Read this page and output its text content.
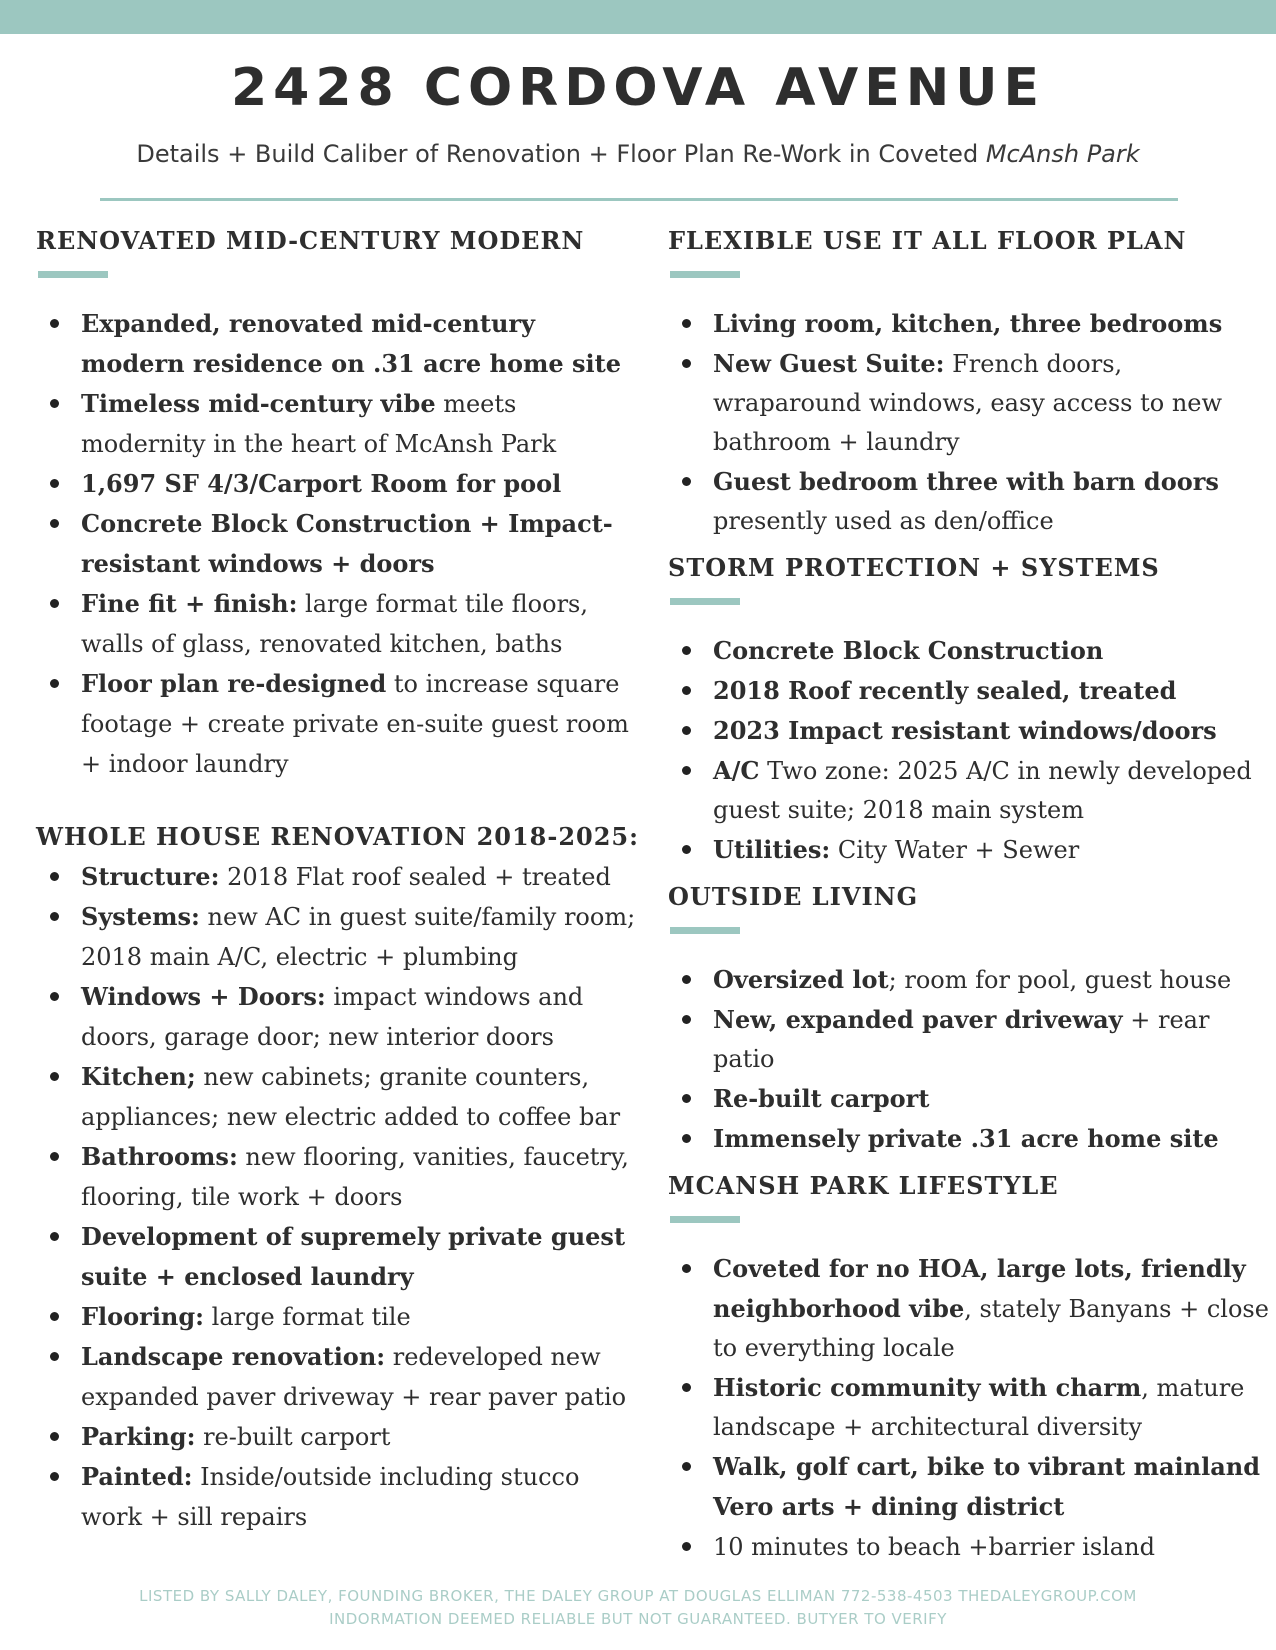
2428 CORDOVA AVENUE
Details + Build Caliber of Renovation + Floor Plan Re-Work in Coveted McAnsh Park
RENOVATED MID-CENTURY MODERN
Expanded, renovated mid-century modern residence on .31 acre home site
Timeless mid-century vibe meets modernity in the heart of McAnsh Park
1,697 SF 4/3/Carport Room for pool
Concrete Block Construction + Impact-resistant windows + doors
Fine fit + finish: large format tile floors, walls of glass, renovated kitchen, baths
Floor plan re-designed to increase square footage + create private en-suite guest room + indoor laundry
WHOLE HOUSE RENOVATION 2018-2025:
Structure: 2018 Flat roof sealed + treated
Systems: new AC in guest suite/family room; 2018 main A/C, electric + plumbing
Windows + Doors: impact windows and doors, garage door; new interior doors
Kitchen; new cabinets; granite counters, appliances; new electric added to coffee bar
Bathrooms: new flooring, vanities, faucetry, flooring, tile work + doors
Development of supremely private guest suite + enclosed laundry
Flooring: large format tile
Landscape renovation: redeveloped new expanded paver driveway + rear paver patio
Parking: re-built carport
Painted: Inside/outside including stucco work + sill repairs
FLEXIBLE USE IT ALL FLOOR PLAN
Living room, kitchen, three bedrooms
New Guest Suite: French doors, wraparound windows, easy access to new bathroom + laundry
Guest bedroom three with barn doors presently used as den/office
STORM PROTECTION + SYSTEMS
Concrete Block Construction
2018 Roof recently sealed, treated
2023 Impact resistant windows/doors
A/C Two zone: 2025 A/C in newly developed guest suite; 2018 main system
Utilities: City Water + Sewer
OUTSIDE LIVING
Oversized lot; room for pool, guest house
New, expanded paver driveway + rear patio
Re-built carport
Immensely private .31 acre home site
MCANSH PARK LIFESTYLE
Coveted for no HOA, large lots, friendly neighborhood vibe, stately Banyans + close to everything locale
Historic community with charm, mature landscape + architectural diversity
Walk, golf cart, bike to vibrant mainland Vero arts + dining district
10 minutes to beach +barrier island
LISTED BY SALLY DALEY, FOUNDING BROKER, THE DALEY GROUP AT DOUGLAS ELLIMAN 772-538-4503 THEDALEYGROUP.COM
INDORMATION DEEMED RELIABLE BUT NOT GUARANTEED. BUTYER TO VERIFY
